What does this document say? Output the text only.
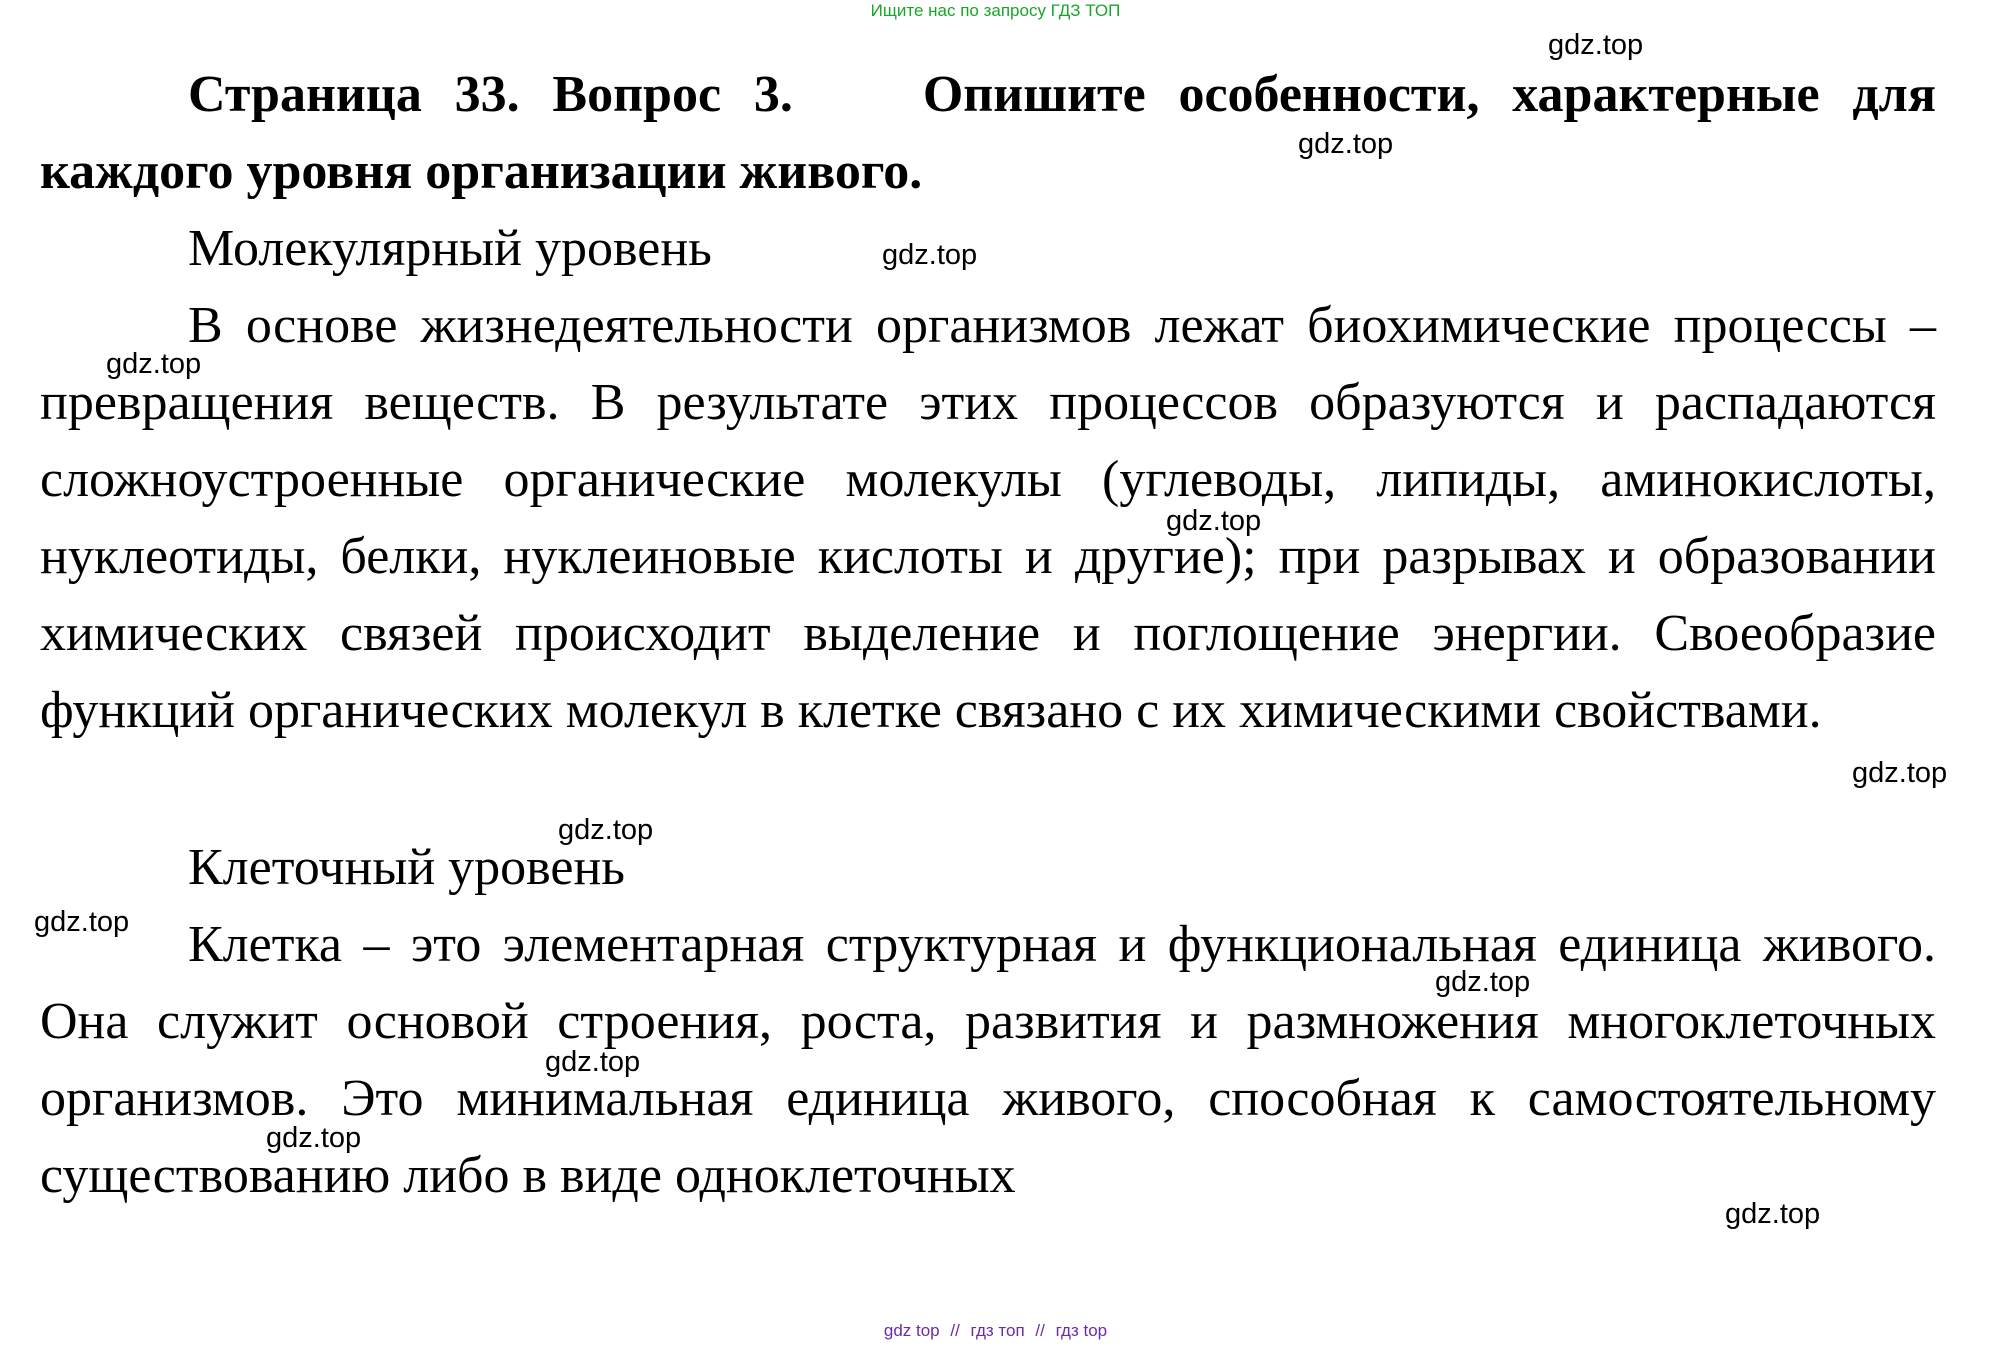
Ищите нас по запросу ГДЗ ТОП

Страница 33. Вопрос 3.	Опишите особенности, характерные для каждого уровня организации живого.

Молекулярный уровень

В основе жизнедеятельности организмов лежат биохимические процессы – превращения веществ. В результате этих процессов образуются и распадаются сложноустроенные органические молекулы (углеводы, липиды, аминокислоты, нуклеотиды, белки, нуклеиновые кислоты и другие); при разрывах и образовании химических связей происходит выделение и поглощение энергии. Своеобразие функций органических молекул в клетке связано с их химическими свойствами.

Клеточный уровень

Клетка – это элементарная структурная и функциональная единица живого. Она служит основой строения, роста, развития и размножения многоклеточных организмов. Это минимальная единица живого, способная к самостоятельному существованию либо в виде одноклеточных

gdz.top
gdz.top
gdz.top
gdz.top
gdz.top
gdz.top
gdz.top
gdz.top
gdz.top
gdz.top
gdz.top
gdz.top
gdz top // гдз топ // гдз top
